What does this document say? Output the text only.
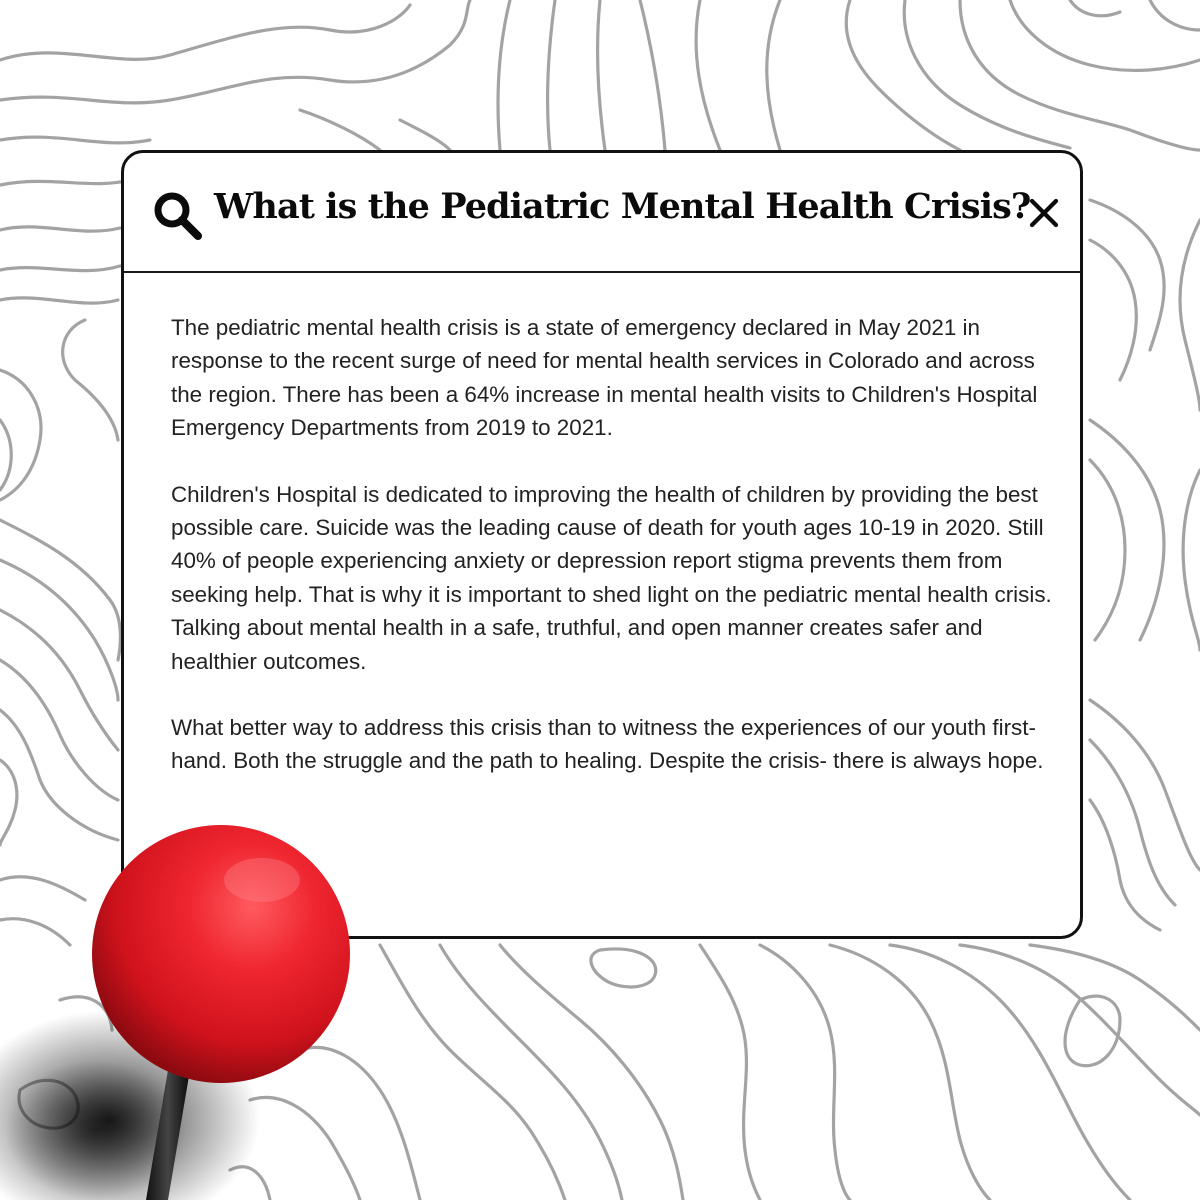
What is the Pediatric Mental Health Crisis?

The pediatric mental health crisis is a state of emergency declared in May 2021 in response to the recent surge of need for mental health services in Colorado and across the region. There has been a 64% increase in mental health visits to Children's Hospital Emergency Departments from 2019 to 2021.

Children's Hospital is dedicated to improving the health of children by providing the best possible care. Suicide was the leading cause of death for youth ages 10-19 in 2020. Still 40% of people experiencing anxiety or depression report stigma prevents them from seeking help. That is why it is important to shed light on the pediatric mental health crisis. Talking about mental health in a safe, truthful, and open manner creates safer and healthier outcomes.

What better way to address this crisis than to witness the experiences of our youth first-hand. Both the struggle and the path to healing. Despite the crisis- there is always hope.
